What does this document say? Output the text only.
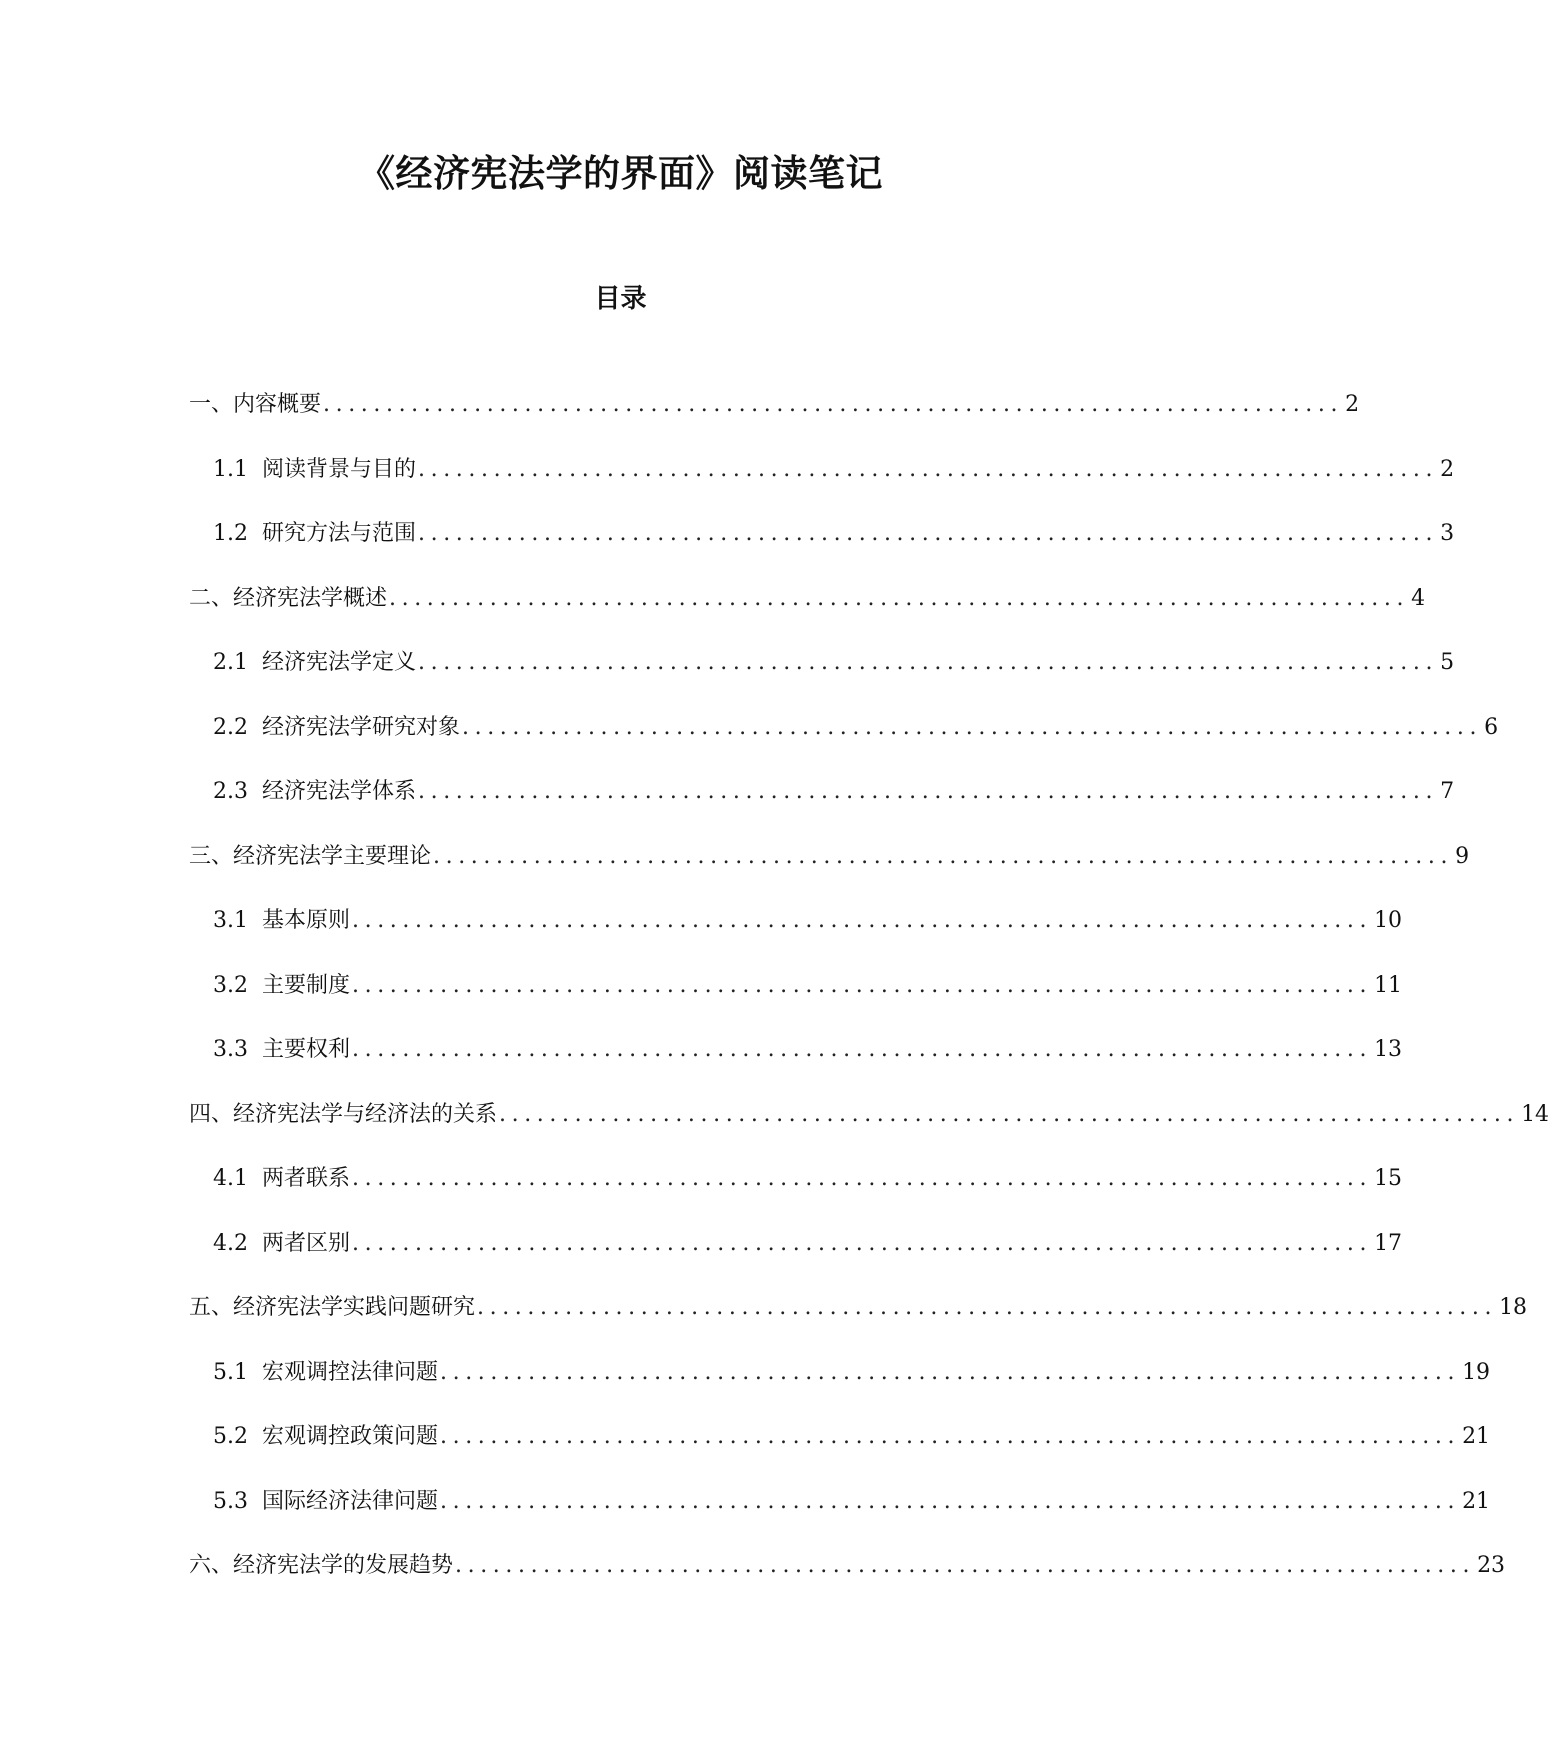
《经济宪法学的界面》阅读笔记
目录
一、内容概要 ................................................................................. 2
1.1 阅读背景与目的 ................................................................................. 2
1.2 研究方法与范围 ................................................................................. 3
二、经济宪法学概述 ................................................................................. 4
2.1 经济宪法学定义 ................................................................................. 5
2.2 经济宪法学研究对象 ................................................................................. 6
2.3 经济宪法学体系 ................................................................................. 7
三、经济宪法学主要理论 ................................................................................. 9
3.1 基本原则 ................................................................................. 10
3.2 主要制度 ................................................................................. 11
3.3 主要权利 ................................................................................. 13
四、经济宪法学与经济法的关系 ................................................................................. 14
4.1 两者联系 ................................................................................. 15
4.2 两者区别 ................................................................................. 17
五、经济宪法学实践问题研究 ................................................................................. 18
5.1 宏观调控法律问题 ................................................................................. 19
5.2 宏观调控政策问题 ................................................................................. 21
5.3 国际经济法律问题 ................................................................................. 21
六、经济宪法学的发展趋势 ................................................................................. 23
